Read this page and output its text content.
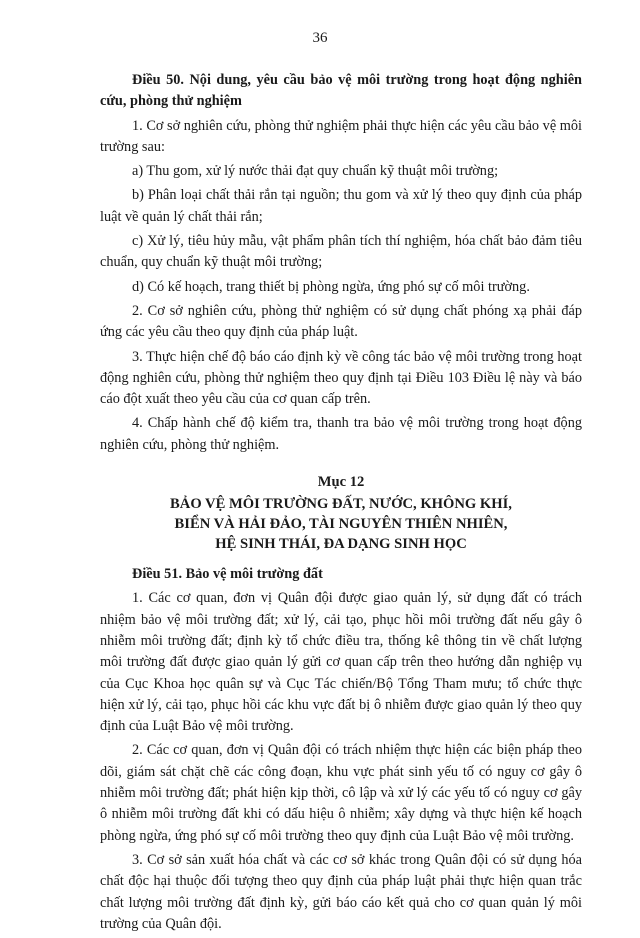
36

Điều 50. Nội dung, yêu cầu bảo vệ môi trường trong hoạt động nghiên cứu, phòng thử nghiệm

1. Cơ sở nghiên cứu, phòng thử nghiệm phải thực hiện các yêu cầu bảo vệ môi trường sau:

a) Thu gom, xử lý nước thải đạt quy chuẩn kỹ thuật môi trường;

b) Phân loại chất thải rắn tại nguồn; thu gom và xử lý theo quy định của pháp luật về quản lý chất thải rắn;

c) Xử lý, tiêu hủy mẫu, vật phẩm phân tích thí nghiệm, hóa chất bảo đảm tiêu chuẩn, quy chuẩn kỹ thuật môi trường;

d) Có kế hoạch, trang thiết bị phòng ngừa, ứng phó sự cố môi trường.

2. Cơ sở nghiên cứu, phòng thử nghiệm có sử dụng chất phóng xạ phải đáp ứng các yêu cầu theo quy định của pháp luật.

3. Thực hiện chế độ báo cáo định kỳ về công tác bảo vệ môi trường trong hoạt động nghiên cứu, phòng thử nghiệm theo quy định tại Điều 103 Điều lệ này và báo cáo đột xuất theo yêu cầu của cơ quan cấp trên.

4. Chấp hành chế độ kiểm tra, thanh tra bảo vệ môi trường trong hoạt động nghiên cứu, phòng thử nghiệm.

Mục 12
BẢO VỆ MÔI TRƯỜNG ĐẤT, NƯỚC, KHÔNG KHÍ,
BIỂN VÀ HẢI ĐẢO, TÀI NGUYÊN THIÊN NHIÊN,
HỆ SINH THÁI, ĐA DẠNG SINH HỌC

Điều 51. Bảo vệ môi trường đất

1. Các cơ quan, đơn vị Quân đội được giao quản lý, sử dụng đất có trách nhiệm bảo vệ môi trường đất; xử lý, cải tạo, phục hồi môi trường đất nếu gây ô nhiễm môi trường đất; định kỳ tổ chức điều tra, thống kê thông tin về chất lượng môi trường đất được giao quản lý gửi cơ quan cấp trên theo hướng dẫn nghiệp vụ của Cục Khoa học quân sự và Cục Tác chiến/Bộ Tổng Tham mưu; tổ chức thực hiện xử lý, cải tạo, phục hồi các khu vực đất bị ô nhiễm được giao quản lý theo quy định của Luật Bảo vệ môi trường.

2. Các cơ quan, đơn vị Quân đội có trách nhiệm thực hiện các biện pháp theo dõi, giám sát chặt chẽ các công đoạn, khu vực phát sinh yếu tố có nguy cơ gây ô nhiễm môi trường đất; phát hiện kịp thời, cô lập và xử lý các yếu tố có nguy cơ gây ô nhiễm môi trường đất khi có dấu hiệu ô nhiễm; xây dựng và thực hiện kế hoạch phòng ngừa, ứng phó sự cố môi trường theo quy định của Luật Bảo vệ môi trường.

3. Cơ sở sản xuất hóa chất và các cơ sở khác trong Quân đội có sử dụng hóa chất độc hại thuộc đối tượng theo quy định của pháp luật phải thực hiện quan trắc chất lượng môi trường đất định kỳ, gửi báo cáo kết quả cho cơ quan quản lý môi trường của Quân đội.
